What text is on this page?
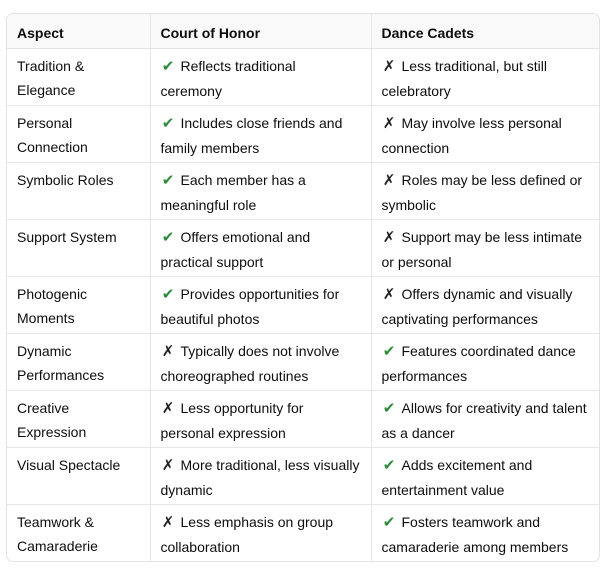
Aspect	Court of Honor	Dance Cadets
Tradition & Elegance	✔ Reflects traditional ceremony	✗ Less traditional, but still celebratory
Personal Connection	✔ Includes close friends and family members	✗ May involve less personal connection
Symbolic Roles	✔ Each member has a meaningful role	✗ Roles may be less defined or symbolic
Support System	✔ Offers emotional and practical support	✗ Support may be less intimate or personal
Photogenic Moments	✔ Provides opportunities for beautiful photos	✗ Offers dynamic and visually captivating performances
Dynamic Performances	✗ Typically does not involve choreographed routines	✔ Features coordinated dance performances
Creative Expression	✗ Less opportunity for personal expression	✔ Allows for creativity and talent as a dancer
Visual Spectacle	✗ More traditional, less visually dynamic	✔ Adds excitement and entertainment value
Teamwork & Camaraderie	✗ Less emphasis on group collaboration	✔ Fosters teamwork and camaraderie among members
